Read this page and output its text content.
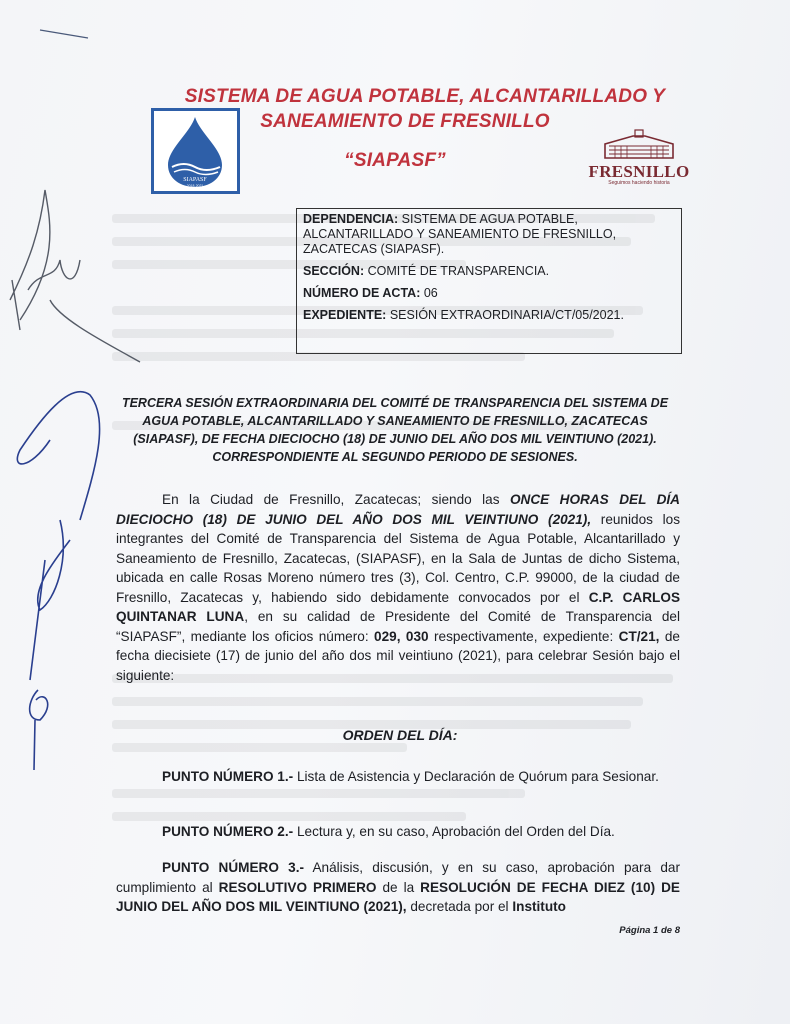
SISTEMA DE AGUA POTABLE, ALCANTARILLADO Y
SANEAMIENTO DE FRESNILLO
“SIAPASF”
SIAPASF
2018-2021
FRESNILLO
Seguimos haciendo historia

DEPENDENCIA: SISTEMA DE AGUA POTABLE, ALCANTARILLADO Y SANEAMIENTO DE FRESNILLO, ZACATECAS (SIAPASF).

SECCIÓN: COMITÉ DE TRANSPARENCIA.

NÚMERO DE ACTA: 06

EXPEDIENTE: SESIÓN EXTRAORDINARIA/CT/05/2021.

TERCERA SESIÓN EXTRAORDINARIA DEL COMITÉ DE TRANSPARENCIA DEL SISTEMA DE AGUA POTABLE, ALCANTARILLADO Y SANEAMIENTO DE FRESNILLO, ZACATECAS (SIAPASF), DE FECHA DIECIOCHO (18) DE JUNIO DEL AÑO DOS MIL VEINTIUNO (2021). CORRESPONDIENTE AL SEGUNDO PERIODO DE SESIONES.
En la Ciudad de Fresnillo, Zacatecas; siendo las ONCE HORAS DEL DÍA DIECIOCHO (18) DE JUNIO DEL AÑO DOS MIL VEINTIUNO (2021), reunidos los integrantes del Comité de Transparencia del Sistema de Agua Potable, Alcantarillado y Saneamiento de Fresnillo, Zacatecas, (SIAPASF), en la Sala de Juntas de dicho Sistema, ubicada en calle Rosas Moreno número tres (3), Col. Centro, C.P. 99000, de la ciudad de Fresnillo, Zacatecas y, habiendo sido debidamente convocados por el C.P. CARLOS QUINTANAR LUNA, en su calidad de Presidente del Comité de Transparencia del “SIAPASF”, mediante los oficios número: 029, 030 respectivamente, expediente: CT/21, de fecha diecisiete (17) de junio del año dos mil veintiuno (2021), para celebrar Sesión bajo el siguiente:
ORDEN DEL DÍA:
PUNTO NÚMERO 1.- Lista de Asistencia y Declaración de Quórum para Sesionar.
PUNTO NÚMERO 2.- Lectura y, en su caso, Aprobación del Orden del Día.
PUNTO NÚMERO 3.- Análisis, discusión, y en su caso, aprobación para dar cumplimiento al RESOLUTIVO PRIMERO de la RESOLUCIÓN DE FECHA DIEZ (10) DE JUNIO DEL AÑO DOS MIL VEINTIUNO (2021), decretada por el Instituto
Página 1 de 8
